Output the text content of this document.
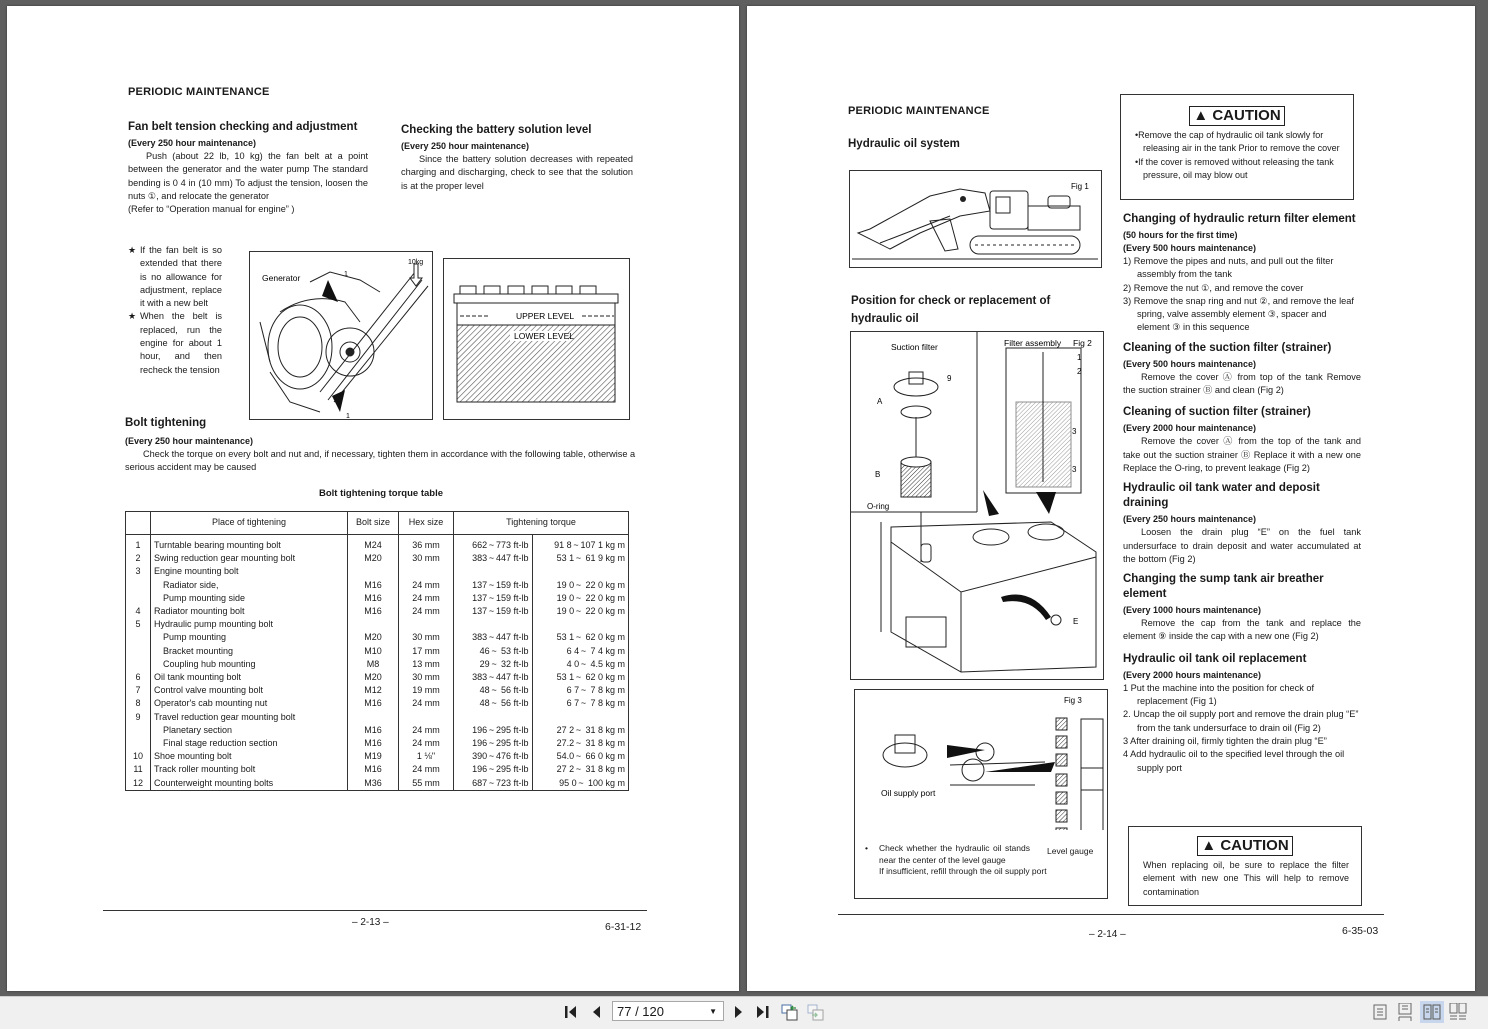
PERIODIC MAINTENANCE
Fan belt tension checking and adjustment
(Every 250 hour maintenance)
Push (about 22 lb, 10 kg) the fan belt at a point between the generator and the water pump The standard bending is 0 4 in (10 mm) To adjust the tension, loosen the nuts ①, and relocate the generator
(Refer to “Operation manual for engine” )
Checking the battery solution level
(Every 250 hour maintenance)
Since the battery solution decreases with repeated charging and discharging, check to see that the solution is at the proper level
★ If the fan belt is so extended that there is no allowance for adjustment, replace it with a new belt
★ When the belt is replaced, run the engine for about 1 hour, and then recheck the tension
Generator
10kg
1
1
UPPER LEVEL
LOWER LEVEL
Bolt tightening
(Every 250 hour maintenance)
Check the torque on every bolt and nut and, if necessary, tighten them in accordance with the following table, otherwise a serious accident may be caused
Bolt tightening torque table
	Place of tightening	Bolt size	Hex size	Tightening torque	
1	Turntable bearing mounting bolt	M24	36 mm	662 ~ 773 ft-lb	91 8 ~ 107 1 kg m
2	Swing reduction gear mounting bolt	M20	30 mm	383 ~ 447 ft-lb	53 1 ~  61 9 kg m
3	Engine mounting bolt				
	Radiator side,	M16	24 mm	137 ~ 159 ft-lb	19 0 ~  22 0 kg m
	Pump mounting side	M16	24 mm	137 ~ 159 ft-lb	19 0 ~  22 0 kg m
4	Radiator mounting bolt	M16	24 mm	137 ~ 159 ft-lb	19 0 ~  22 0 kg m
5	Hydraulic pump mounting bolt				
	Pump mounting	M20	30 mm	383 ~ 447 ft-lb	53 1 ~  62 0 kg m
	Bracket mounting	M10	17 mm	46 ~  53 ft-lb	6 4 ~  7 4 kg m
	Coupling hub mounting	M8	13 mm	29 ~  32 ft-lb	4 0 ~  4.5 kg m
6	Oil tank mounting bolt	M20	30 mm	383 ~ 447 ft-lb	53 1 ~  62 0 kg m
7	Control valve mounting bolt	M12	19 mm	48 ~  56 ft-lb	6 7 ~  7 8 kg m
8	Operator's cab mounting nut	M16	24 mm	48 ~  56 ft-lb	6 7 ~  7 8 kg m
9	Travel reduction gear mounting bolt				
	Planetary section	M16	24 mm	196 ~ 295 ft-lb	27 2 ~  31 8 kg m
	Final stage reduction section	M16	24 mm	196 ~ 295 ft-lb	27.2 ~  31 8 kg m
10	Shoe mounting bolt	M19	1 ⅛"	390 ~ 476 ft-lb	54.0 ~  66 0 kg m
11	Track roller mounting bolt	M16	24 mm	196 ~ 295 ft-lb	27 2 ~  31 8 kg m
12	Counterweight mounting bolts	M36	55 mm	687 ~ 723 ft-lb	95 0 ~  100 kg m
– 2-13 –	6-31-12
PERIODIC MAINTENANCE
Hydraulic oil system
Fig 1
Position for check or replacement of hydraulic oil
Suction filter	Filter assembly Fig 2
A
B
O-ring
9
1
2
3
3
E
Fig 3
Oil supply port
Level gauge
•	Check whether the hydraulic oil stands near the center of the level gauge
If insufficient, refill through the oil supply port
▲ CAUTION
•Remove the cap of hydraulic oil tank slowly for releasing air in the tank Prior to remove the cover
•If the cover is removed without releasing the tank pressure, oil may blow out
Changing of hydraulic return filter element
(50 hours for the first time)
(Every 500 hours maintenance)
1) Remove the pipes and nuts, and pull out the filter assembly from the tank
2) Remove the nut ①, and remove the cover
3) Remove the snap ring and nut ②, and remove the leaf spring, valve assembly element ③, spacer and element ③ in this sequence
Cleaning of the suction filter (strainer)
(Every 500 hours maintenance)
Remove the cover Ⓐ from top of the tank Remove the suction strainer Ⓑ and clean (Fig 2)
Cleaning of suction filter (strainer)
(Every 2000 hour maintenance)
Remove the cover Ⓐ from the top of the tank and take out the suction strainer Ⓑ Replace it with a new one Replace the O-ring, to prevent leakage (Fig 2)
Hydraulic oil tank water and deposit draining
(Every 250 hours maintenance)
Loosen the drain plug “E” on the fuel tank undersurface to drain deposit and water accumulated at the bottom (Fig 2)
Changing the sump tank air breather element
(Every 1000 hours maintenance)
Remove the cap from the tank and replace the element ⑨ inside the cap with a new one (Fig 2)
Hydraulic oil tank oil replacement
(Every 2000 hours maintenance)
1 Put the machine into the position for check of replacement (Fig 1)
2. Uncap the oil supply port and remove the drain plug “E” from the tank undersurface to drain oil (Fig 2)
3 After draining oil, firmly tighten the drain plug “E”
4 Add hydraulic oil to the specified level through the oil supply port
▲ CAUTION
When replacing oil, be sure to replace the filter element with new one This will help to remove contamination
– 2-14 –	6-35-03
77 / 120	▼
